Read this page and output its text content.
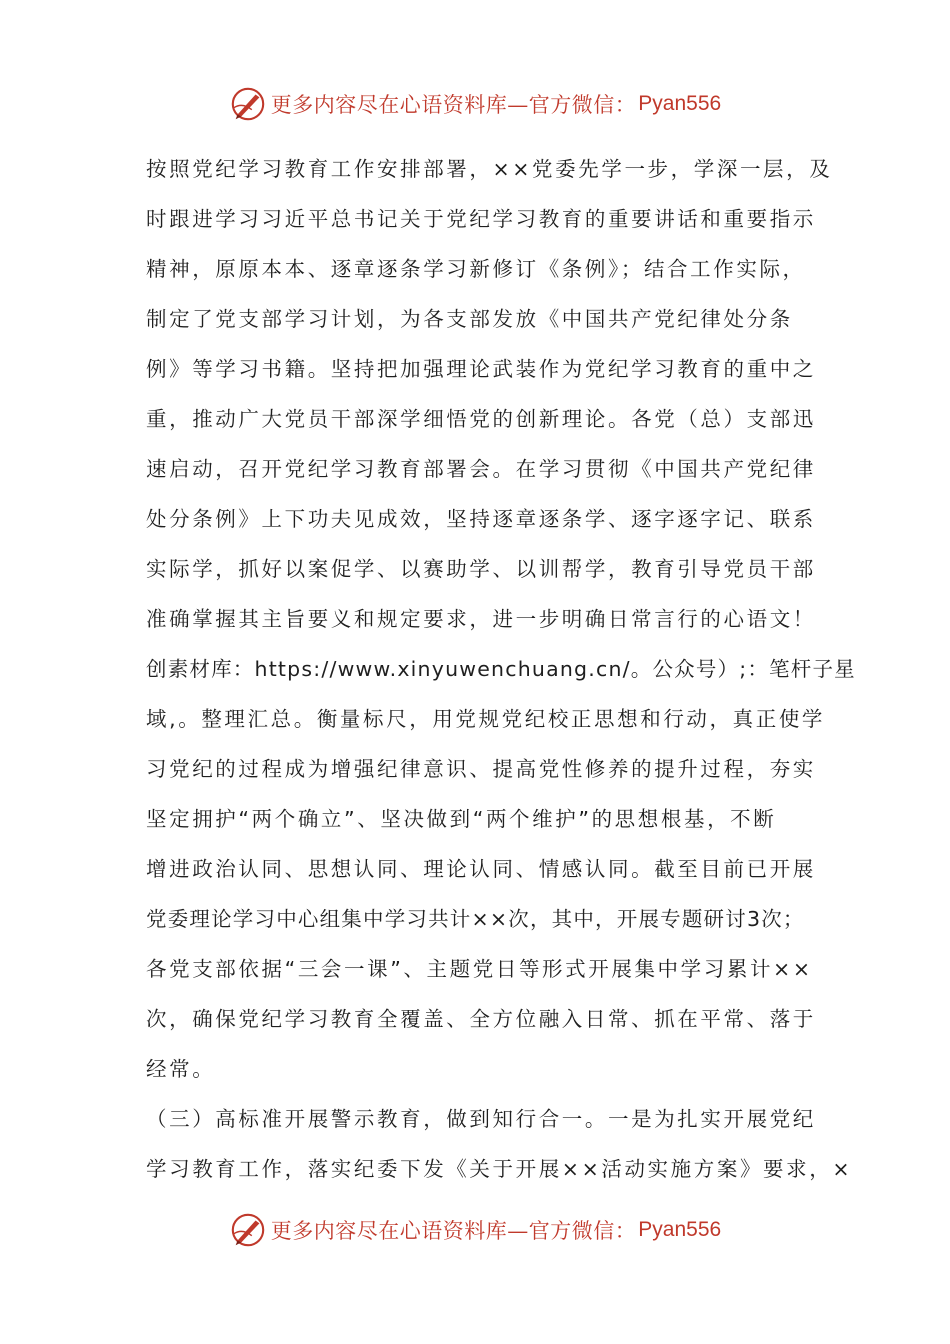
更多内容尽在心语资料库—官方微信： Pyan556
按照党纪学习教育工作安排部署，××党委先学一步，学深一层，及
时跟进学习习近平总书记关于党纪学习教育的重要讲话和重要指示
精神，原原本本、逐章逐条学习新修订《条例》；结合工作实际，
制定了党支部学习计划，为各支部发放《中国共产党纪律处分条
例》等学习书籍。坚持把加强理论武装作为党纪学习教育的重中之
重，推动广大党员干部深学细悟党的创新理论。各党（总）支部迅
速启动，召开党纪学习教育部署会。在学习贯彻《中国共产党纪律
处分条例》上下功夫见成效，坚持逐章逐条学、逐字逐字记、联系
实际学，抓好以案促学、以赛助学、以训帮学，教育引导党员干部
准确掌握其主旨要义和规定要求，进一步明确日常言行的心语文！
创素材库：https://www.xinyuwenchuang.cn/。公众号）;：笔杆子星
域,。整理汇总。衡量标尺，用党规党纪校正思想和行动，真正使学
习党纪的过程成为增强纪律意识、提高党性修养的提升过程，夯实
坚定拥护“两个确立”、坚决做到“两个维护”的思想根基，不断
增进政治认同、思想认同、理论认同、情感认同。截至目前已开展
党委理论学习中心组集中学习共计××次，其中，开展专题研讨3次；
各党支部依据“三会一课”、主题党日等形式开展集中学习累计××
次，确保党纪学习教育全覆盖、全方位融入日常、抓在平常、落于
经常。
（三）高标准开展警示教育，做到知行合一。一是为扎实开展党纪
学习教育工作，落实纪委下发《关于开展××活动实施方案》要求，×
更多内容尽在心语资料库—官方微信： Pyan556
